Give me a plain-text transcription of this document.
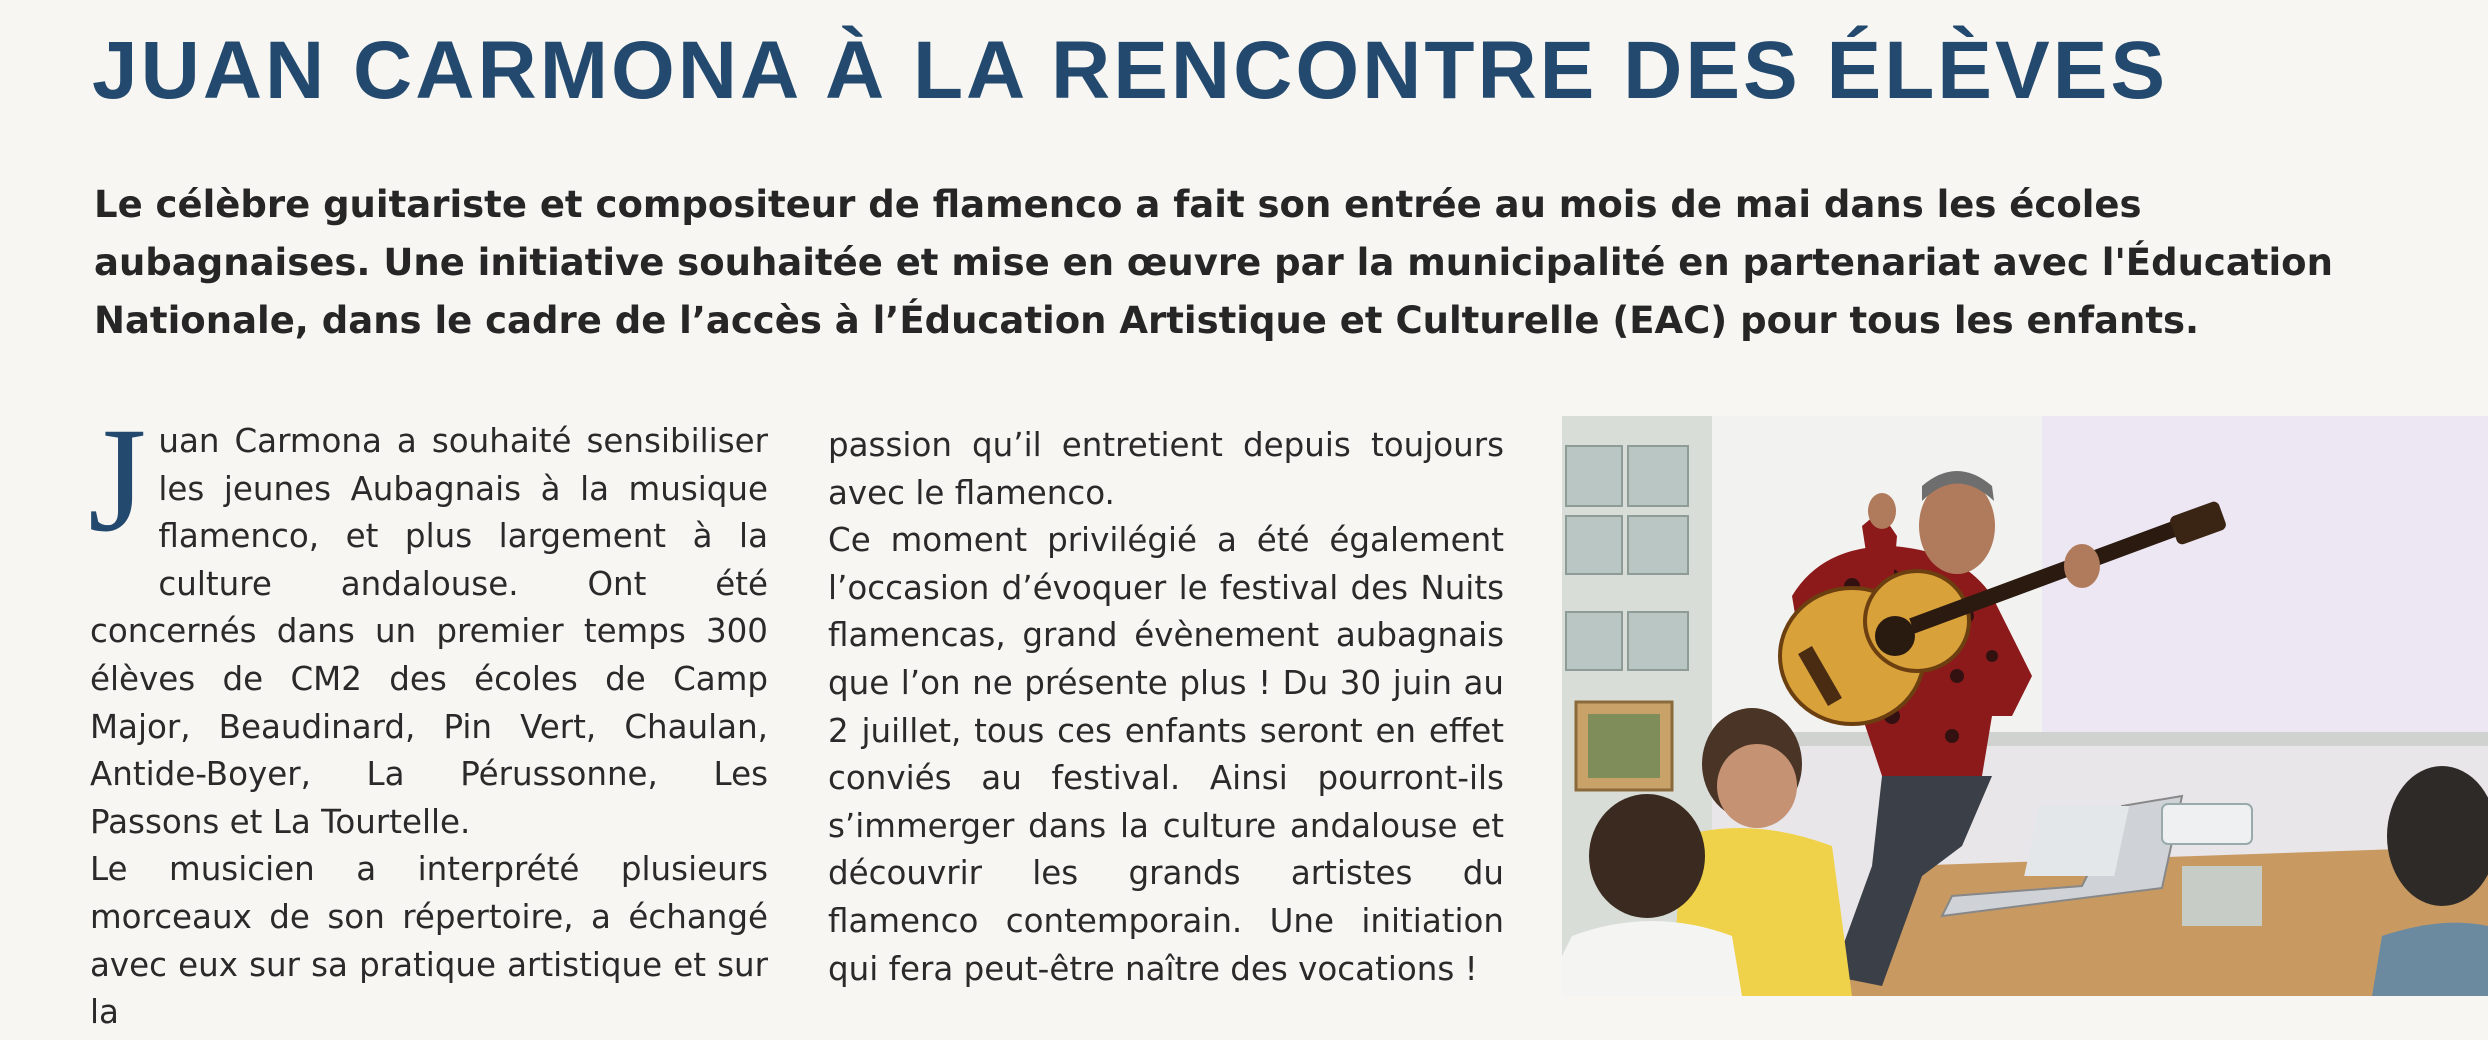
JUAN CARMONA À LA RENCONTRE DES ÉLÈVES

Le célèbre guitariste et compositeur de flamenco a fait son entrée au mois de mai dans les écoles
aubagnaises. Une initiative souhaitée et mise en œuvre par la municipalité en partenariat avec l'Éducation
Nationale, dans le cadre de l’accès à l’Éducation Artistique et Culturelle (EAC) pour tous les enfants.

J uan Carmona a souhaité sensibiliser les jeunes Aubagnais à la musique flamenco, et plus largement à la culture andalouse. Ont été concernés dans un premier temps 300 élèves de CM2 des écoles de Camp Major, Beaudinard, Pin Vert, Chaulan, Antide-Boyer, La Pérussonne, Les Passons et La Tourtelle.

Le musicien a interprété plusieurs morceaux de son répertoire, a échangé avec eux sur sa pratique artistique et sur la

passion qu’il entretient depuis toujours avec le flamenco.

Ce moment privilégié a été également l’occasion d’évoquer le festival des Nuits flamencas, grand évènement aubagnais que l’on ne présente plus ! Du 30 juin au 2 juillet, tous ces enfants seront en effet conviés au festival. Ainsi pourront-ils s’immerger dans la culture andalouse et découvrir les grands artistes du flamenco contemporain. Une initiation qui fera peut-être naître des vocations !
